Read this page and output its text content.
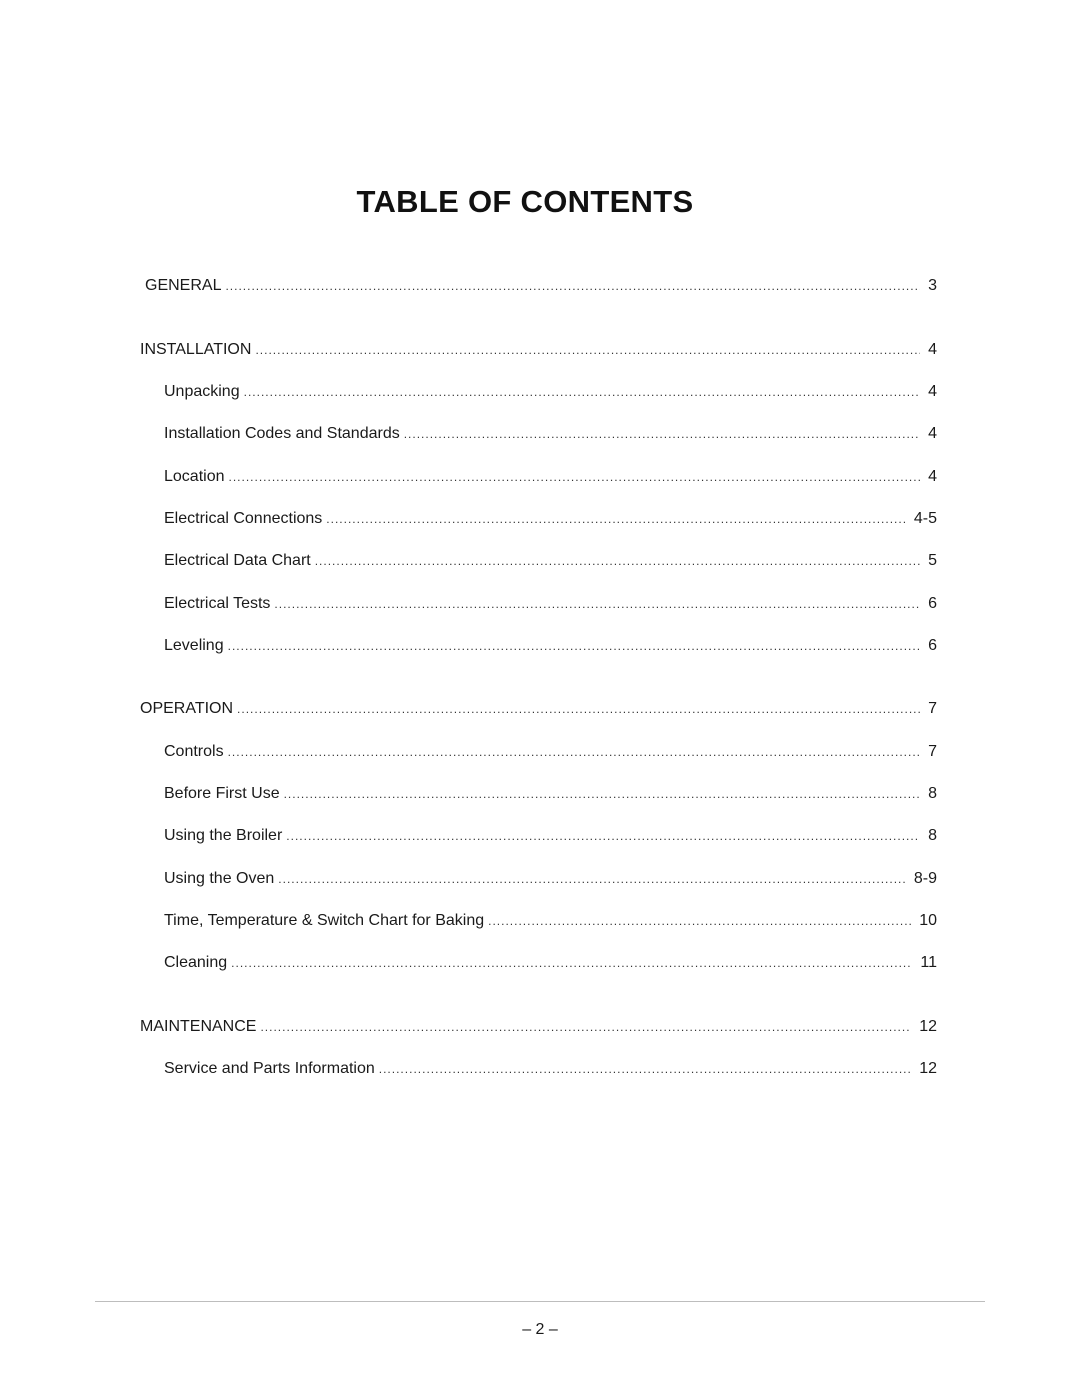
TABLE OF CONTENTS
GENERAL .....	3
INSTALLATION .....	4
Unpacking .....	4
Installation Codes and Standards .....	4
Location .....	4
Electrical Connections .....	4-5
Electrical Data Chart .....	5
Electrical Tests .....	6
Leveling .....	6
OPERATION .....	7
Controls .....	7
Before First Use .....	8
Using the Broiler .....	8
Using the Oven .....	8-9
Time, Temperature & Switch Chart for Baking .....	10
Cleaning .....	11
MAINTENANCE .....	12
Service and Parts Information .....	12
– 2 –
